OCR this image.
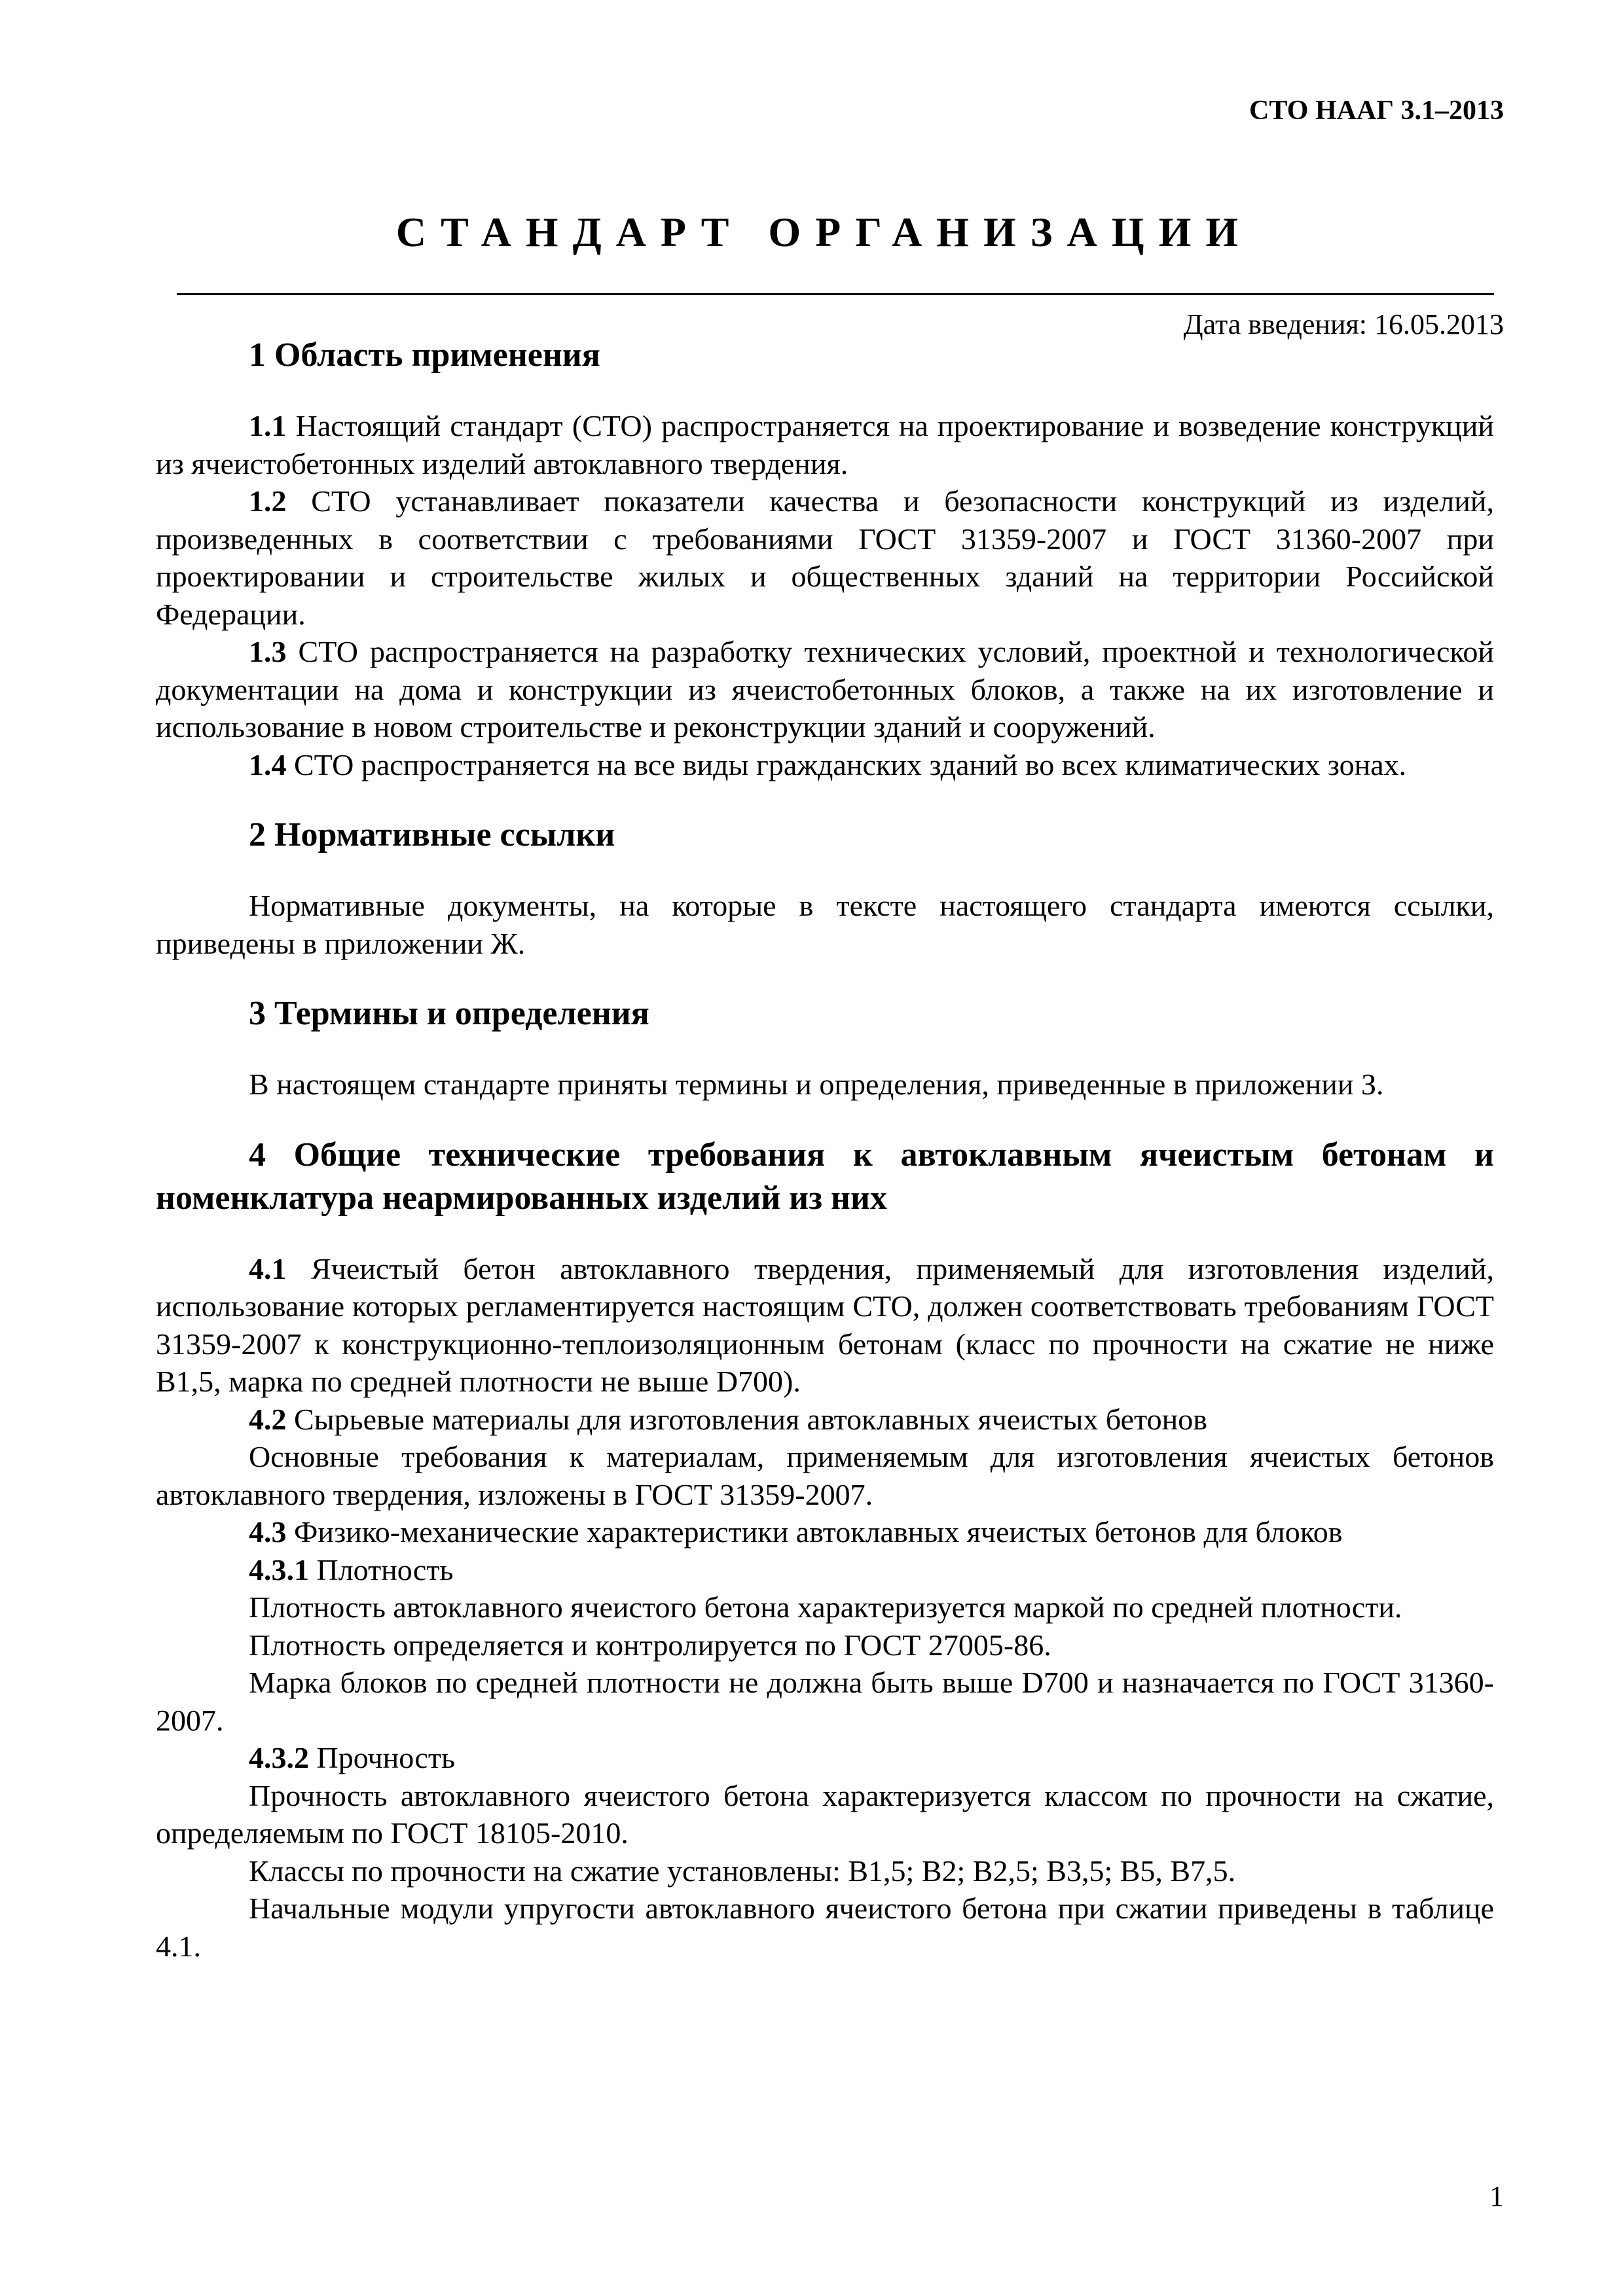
СТО НААГ 3.1–2013
СТАНДАРТ ОРГАНИЗАЦИИ
Дата введения: 16.05.2013
1 Область применения

1.1 Настоящий стандарт (СТО) распространяется на проектирование и возведение конструкций из ячеистобетонных изделий автоклавного твердения.

1.2 СТО устанавливает показатели качества и безопасности конструкций из изделий, произведенных в соответствии с требованиями ГОСТ 31359-2007 и ГОСТ 31360-2007 при проектировании и строительстве жилых и общественных зданий на территории Российской Федерации.

1.3 СТО распространяется на разработку технических условий, проектной и технологической документации на дома и конструкции из ячеистобетонных блоков, а также на их изготовление и использование в новом строительстве и реконструкции зданий и сооружений.

1.4 СТО распространяется на все виды гражданских зданий во всех климатических зонах.

2 Нормативные ссылки

Нормативные документы, на которые в тексте настоящего стандарта имеются ссылки, приведены в приложении Ж.

3 Термины и определения

В настоящем стандарте приняты термины и определения, приведенные в приложении З.

4 Общие технические требования к автоклавным ячеистым бетонам и номенклатура неармированных изделий из них

4.1 Ячеистый бетон автоклавного твердения, применяемый для изготовления изделий, использование которых регламентируется настоящим СТО, должен соответствовать требованиям ГОСТ 31359-2007 к конструкционно-теплоизоляционным бетонам (класс по прочности на сжатие не ниже В1,5, марка по средней плотности не выше D700).

4.2 Сырьевые материалы для изготовления автоклавных ячеистых бетонов

Основные требования к материалам, применяемым для изготовления ячеистых бетонов автоклавного твердения, изложены в ГОСТ 31359-2007.

4.3 Физико-механические характеристики автоклавных ячеистых бетонов для блоков

4.3.1 Плотность

Плотность автоклавного ячеистого бетона характеризуется маркой по средней плотности.

Плотность определяется и контролируется по ГОСТ 27005-86.

Марка блоков по средней плотности не должна быть выше D700 и назначается по ГОСТ 31360-2007.

4.3.2 Прочность

Прочность автоклавного ячеистого бетона характеризуется классом по прочности на сжатие, определяемым по ГОСТ 18105-2010.

Классы по прочности на сжатие установлены: В1,5; В2; В2,5; В3,5; В5, В7,5.

Начальные модули упругости автоклавного ячеистого бетона при сжатии приведены в таблице 4.1.

1
